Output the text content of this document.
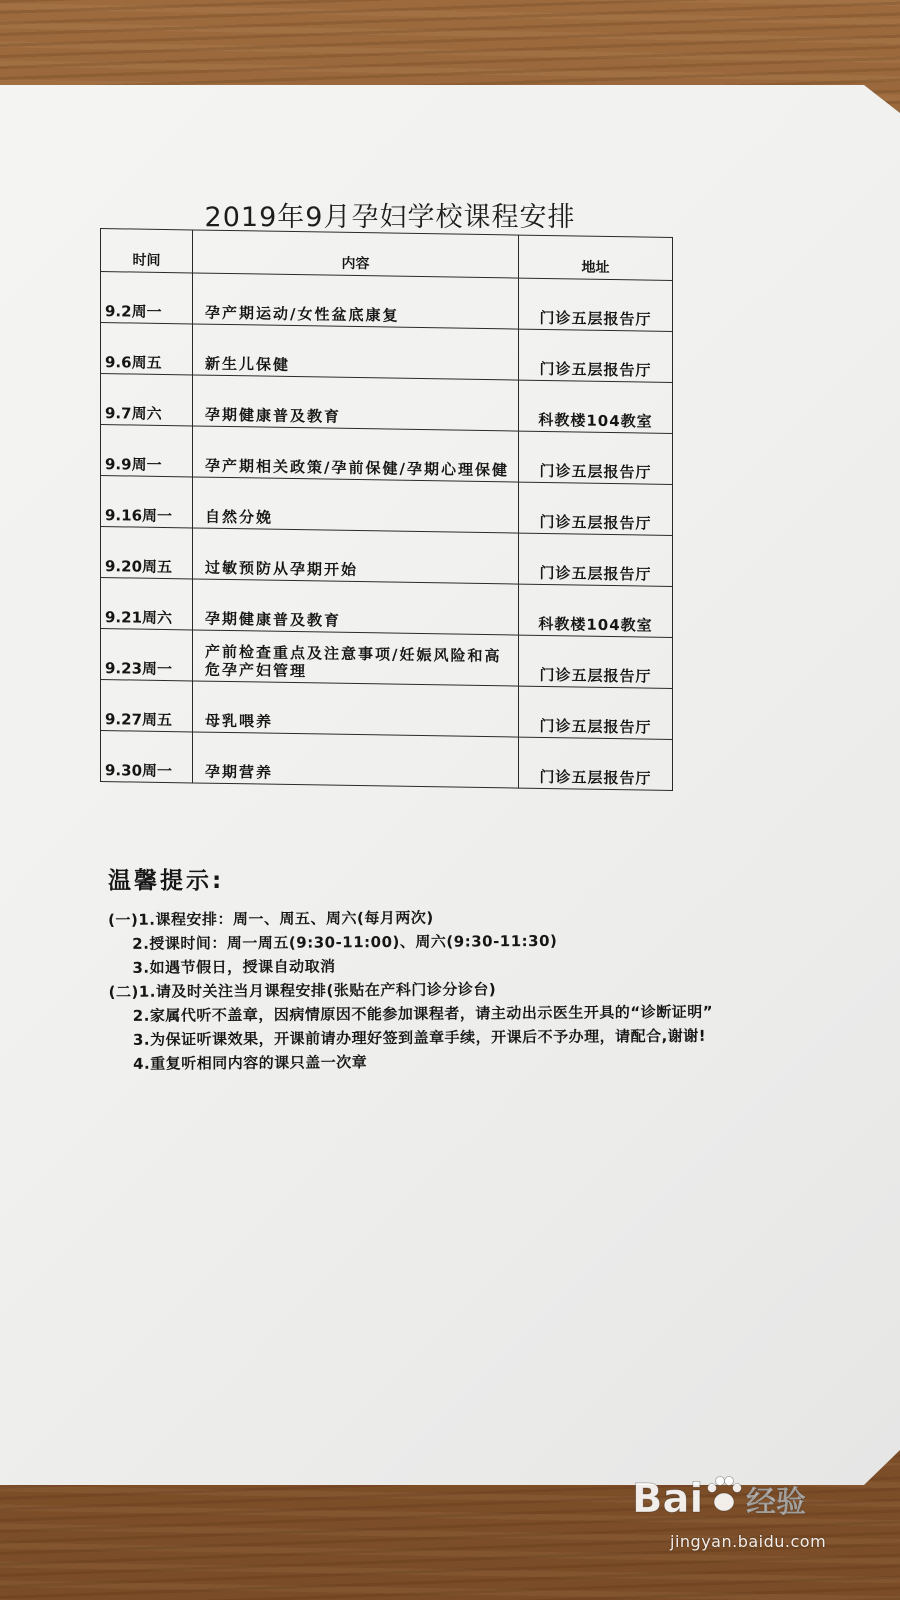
2019年9月孕妇学校课程安排
时间	内容	地址
9.2周一	孕产期运动/女性盆底康复	门诊五层报告厅
9.6周五	新生儿保健	门诊五层报告厅
9.7周六	孕期健康普及教育	科教楼104教室
9.9周一	孕产期相关政策/孕前保健/孕期心理保健	门诊五层报告厅
9.16周一	自然分娩	门诊五层报告厅
9.20周五	过敏预防从孕期开始	门诊五层报告厅
9.21周六	孕期健康普及教育	科教楼104教室
9.23周一	产前检查重点及注意事项/妊娠风险和高危孕产妇管理	门诊五层报告厅
9.27周五	母乳喂养	门诊五层报告厅
9.30周一	孕期营养	门诊五层报告厅
温馨提示:

(一)1.课程安排：周一、周五、周六(每月两次)

2.授课时间：周一周五(9:30-11:00)、周六(9:30-11:30)

3.如遇节假日，授课自动取消

(二)1.请及时关注当月课程安排(张贴在产科门诊分诊台)

2.家属代听不盖章，因病情原因不能参加课程者，请主动出示医生开具的“诊断证明”

3.为保证听课效果，开课前请办理好签到盖章手续，开课后不予办理，请配合,谢谢!

4.重复听相同内容的课只盖一次章

Bai 经验
jingyan.baidu.com
